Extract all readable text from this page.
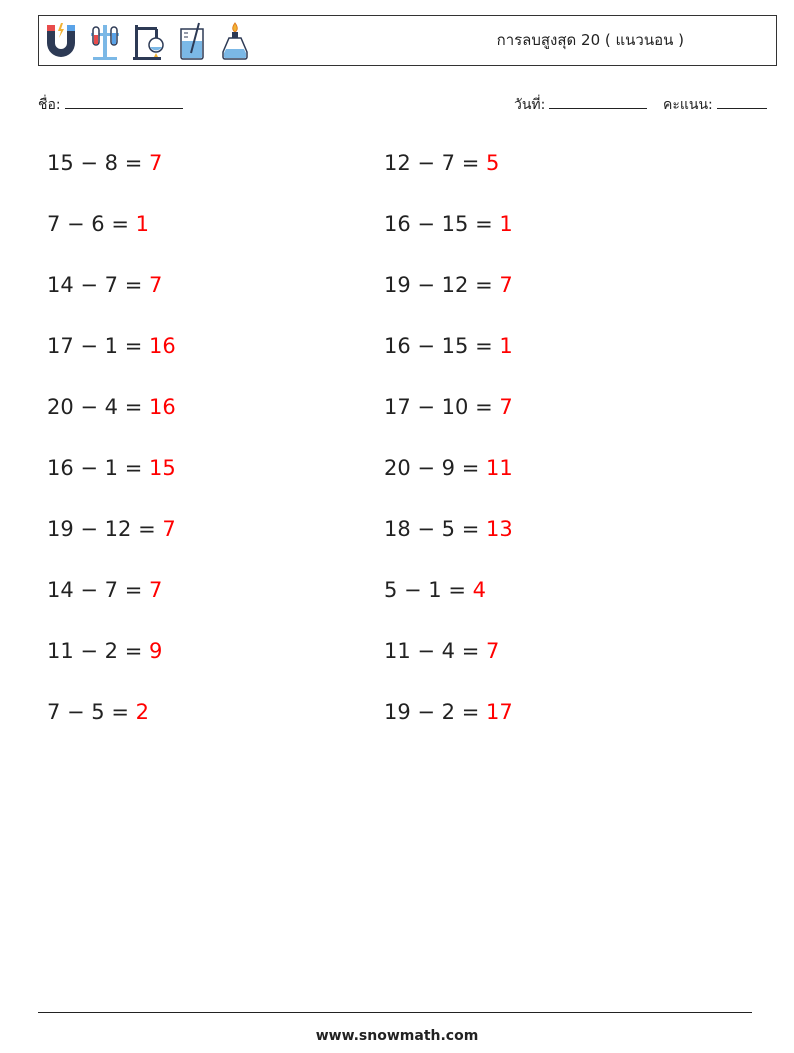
การลบสูงสุด 20 ( แนวนอน )
ชื่อ:	วันที่:	คะแนน:
15 − 8 = 7
7 − 6 = 1
14 − 7 = 7
17 − 1 = 16
20 − 4 = 16
16 − 1 = 15
19 − 12 = 7
14 − 7 = 7
11 − 2 = 9
7 − 5 = 2
12 − 7 = 5
16 − 15 = 1
19 − 12 = 7
16 − 15 = 1
17 − 10 = 7
20 − 9 = 11
18 − 5 = 13
5 − 1 = 4
11 − 4 = 7
19 − 2 = 17
www.snowmath.com
